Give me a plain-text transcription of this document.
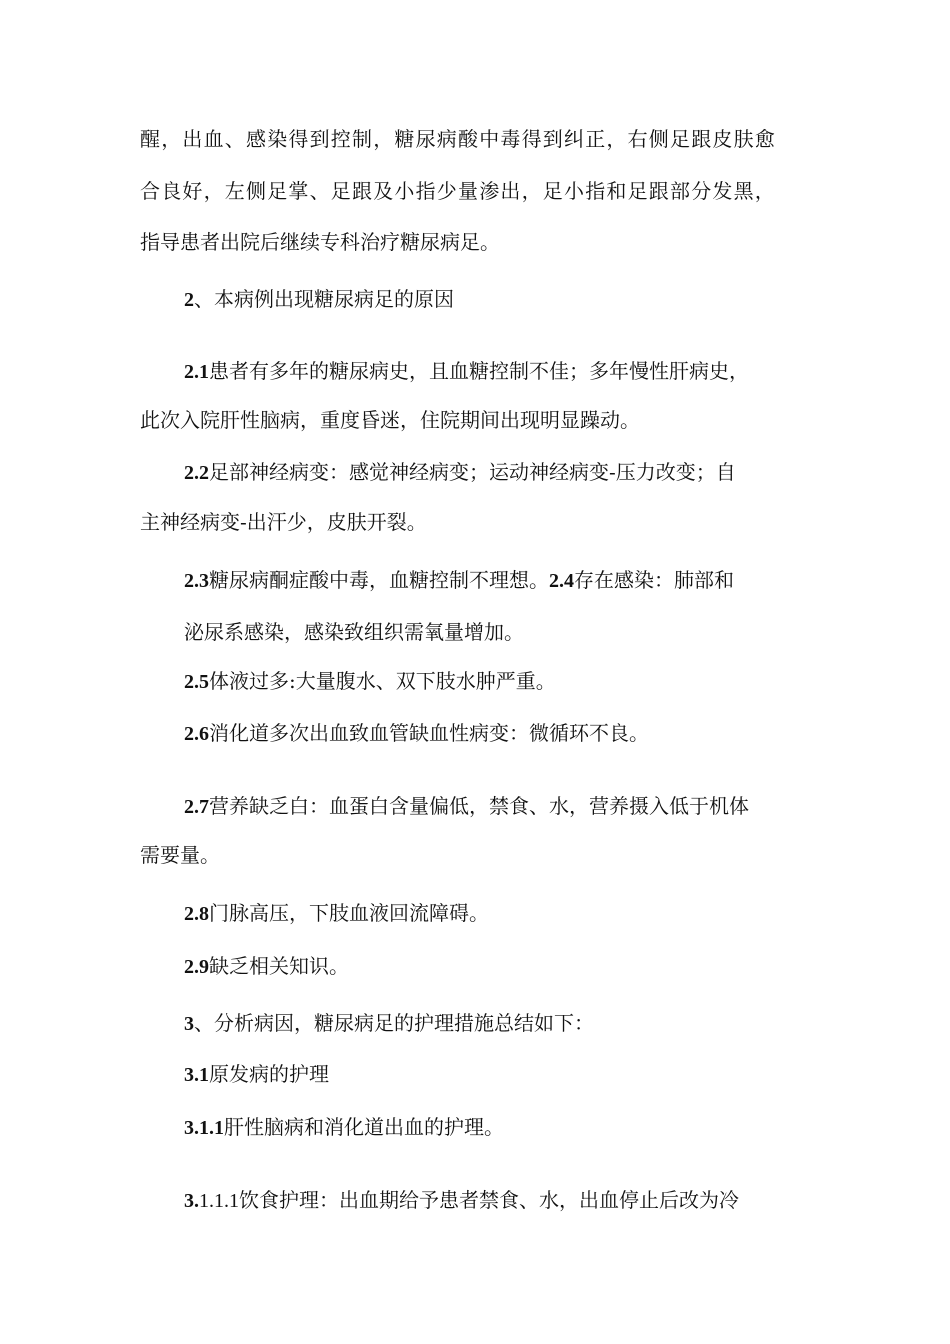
醒，出血、感染得到控制，糖尿病酸中毒得到纠正，右侧足跟皮肤愈
合良好，左侧足掌、足跟及小指少量渗出，足小指和足跟部分发黑，
指导患者出院后继续专科治疗糖尿病足。
2、本病例出现糖尿病足的原因
2.1患者有多年的糖尿病史，且血糖控制不佳；多年慢性肝病史，
此次入院肝性脑病，重度昏迷，住院期间出现明显躁动。
2.2足部神经病变：感觉神经病变；运动神经病变-压力改变；自
主神经病变-出汗少，皮肤开裂。
2.3糖尿病酮症酸中毒，血糖控制不理想。2.4存在感染：肺部和
泌尿系感染，感染致组织需氧量增加。
2.5体液过多:大量腹水、双下肢水肿严重。
2.6消化道多次出血致血管缺血性病变：微循环不良。
2.7营养缺乏白：血蛋白含量偏低，禁食、水，营养摄入低于机体
需要量。
2.8门脉高压，下肢血液回流障碍。
2.9缺乏相关知识。
3、分析病因，糖尿病足的护理措施总结如下：
3.1原发病的护理
3.1.1肝性脑病和消化道出血的护理。
3.1.1.1饮食护理：出血期给予患者禁食、水，出血停止后改为冷
